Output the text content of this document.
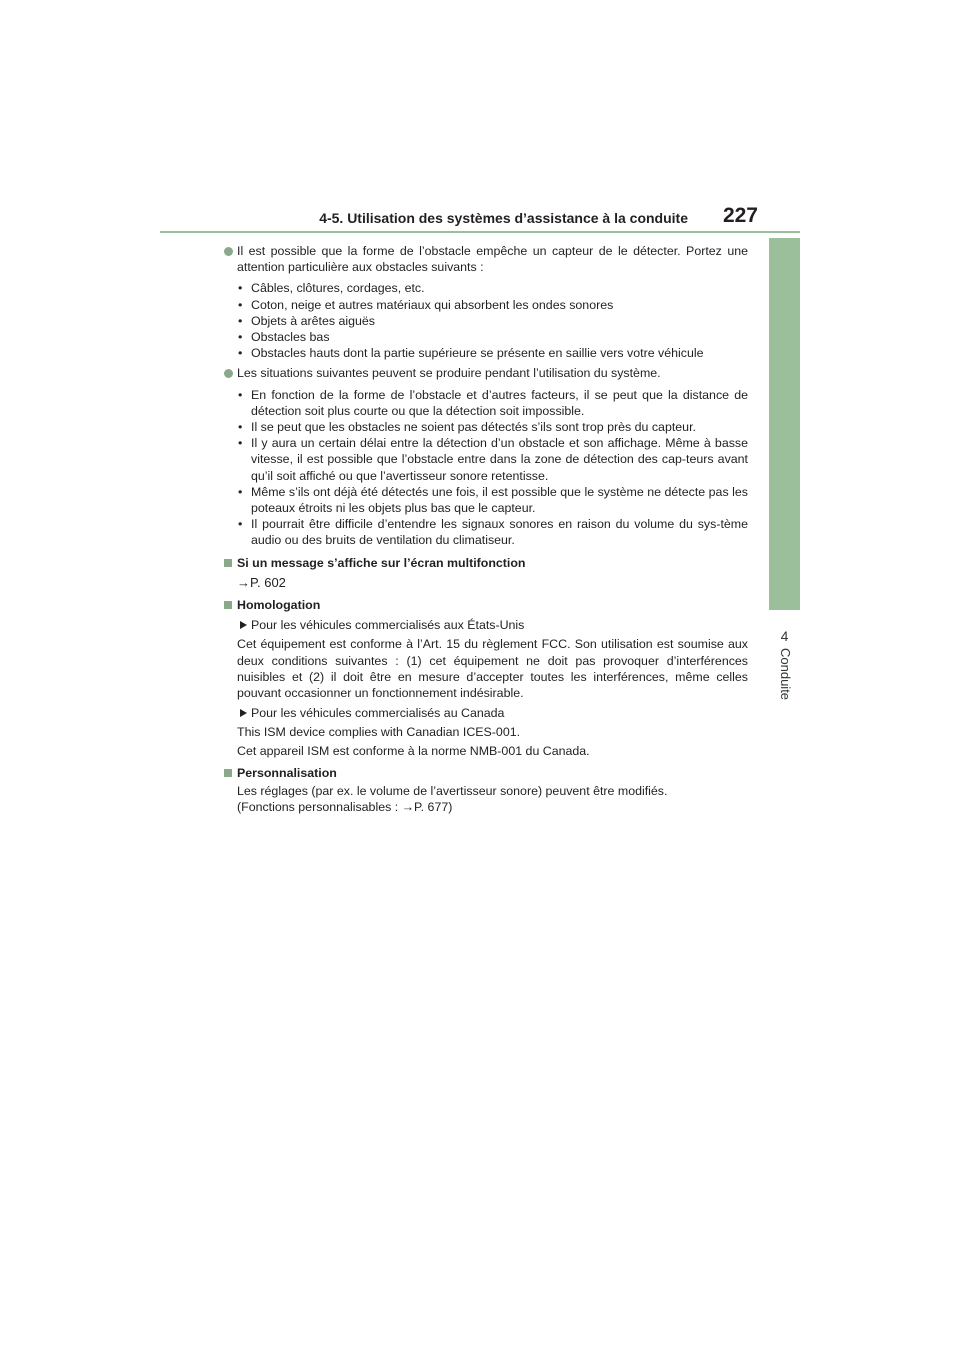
4-5. Utilisation des systèmes d’assistance à la conduite 227
4
Conduite

Il est possible que la forme de l’obstacle empêche un capteur de le détecter. Portez une attention particulière aux obstacles suivants :

• Câbles, clôtures, cordages, etc.
• Coton, neige et autres matériaux qui absorbent les ondes sonores
• Objets à arêtes aiguës
• Obstacles bas
• Obstacles hauts dont la partie supérieure se présente en saillie vers votre véhicule

Les situations suivantes peuvent se produire pendant l’utilisation du système.

• En fonction de la forme de l’obstacle et d’autres facteurs, il se peut que la distance de détection soit plus courte ou que la détection soit impossible.
• Il se peut que les obstacles ne soient pas détectés s’ils sont trop près du capteur.
• Il y aura un certain délai entre la détection d’un obstacle et son affichage. Même à basse vitesse, il est possible que l’obstacle entre dans la zone de détection des cap-teurs avant qu’il soit affiché ou que l’avertisseur sonore retentisse.
• Même s’ils ont déjà été détectés une fois, il est possible que le système ne détecte pas les poteaux étroits ni les objets plus bas que le capteur.
• Il pourrait être difficile d’entendre les signaux sonores en raison du volume du sys-tème audio ou des bruits de ventilation du climatiseur.
Si un message s’affiche sur l’écran multifonction
→P. 602
Homologation
Pour les véhicules commercialisés aux États-Unis

Cet équipement est conforme à l’Art. 15 du règlement FCC. Son utilisation est soumise aux deux conditions suivantes : (1) cet équipement ne doit pas provoquer d’interférences nuisibles et (2) il doit être en mesure d’accepter toutes les interférences, même celles pouvant occasionner un fonctionnement indésirable.

Pour les véhicules commercialisés au Canada

This ISM device complies with Canadian ICES-001.

Cet appareil ISM est conforme à la norme NMB-001 du Canada.

Personnalisation

Les réglages (par ex. le volume de l’avertisseur sonore) peuvent être modifiés.

(Fonctions personnalisables : →P. 677)
